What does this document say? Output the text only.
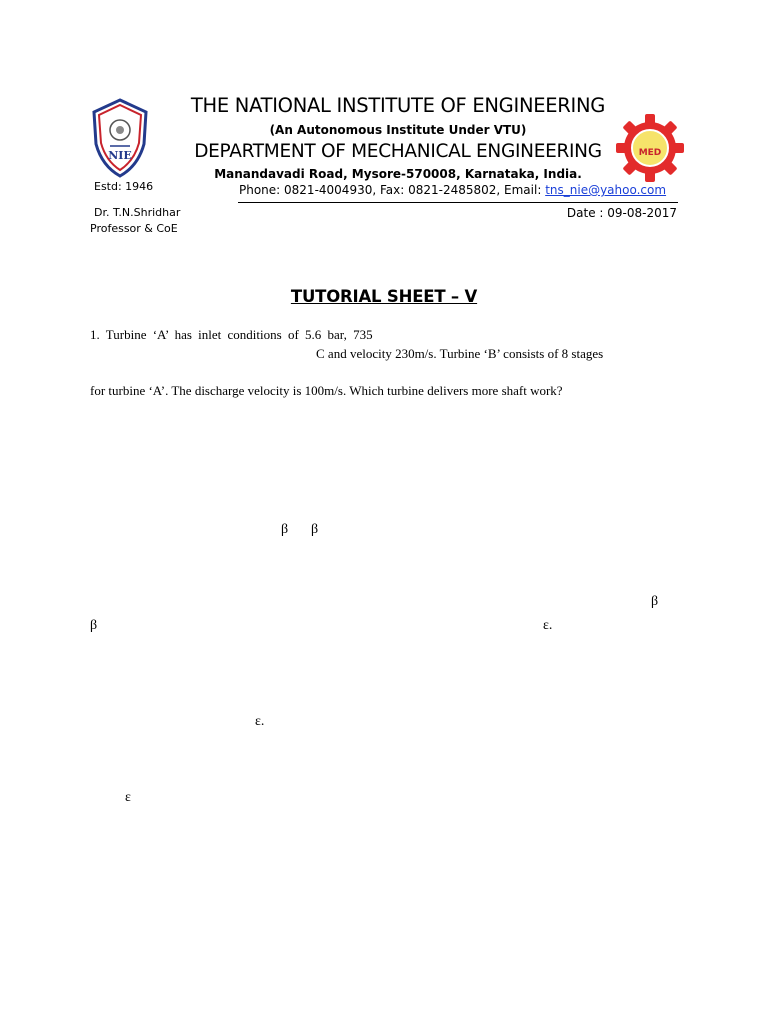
NIE	MED
THE NATIONAL INSTITUTE OF ENGINEERING
(An Autonomous Institute Under VTU)
DEPARTMENT OF MECHANICAL ENGINEERING
Manandavadi Road, Mysore-570008, Karnataka, India.
Phone: 0821-4004930, Fax: 0821-2485802, Email: tns_nie@yahoo.com
Estd: 1946
Dr. T.N.Shridhar
Professor & CoE
Date : 09-08-2017
TUTORIAL SHEET – V
1. Turbine ‘A’ has inlet conditions of 5.6 bar, 735
C and velocity 230m/s. Turbine ‘B’ consists of 8 stages
for turbine ‘A’. The discharge velocity is 100m/s. Which turbine delivers more shaft work?
β β
β
β	ε.
ε.
ε
